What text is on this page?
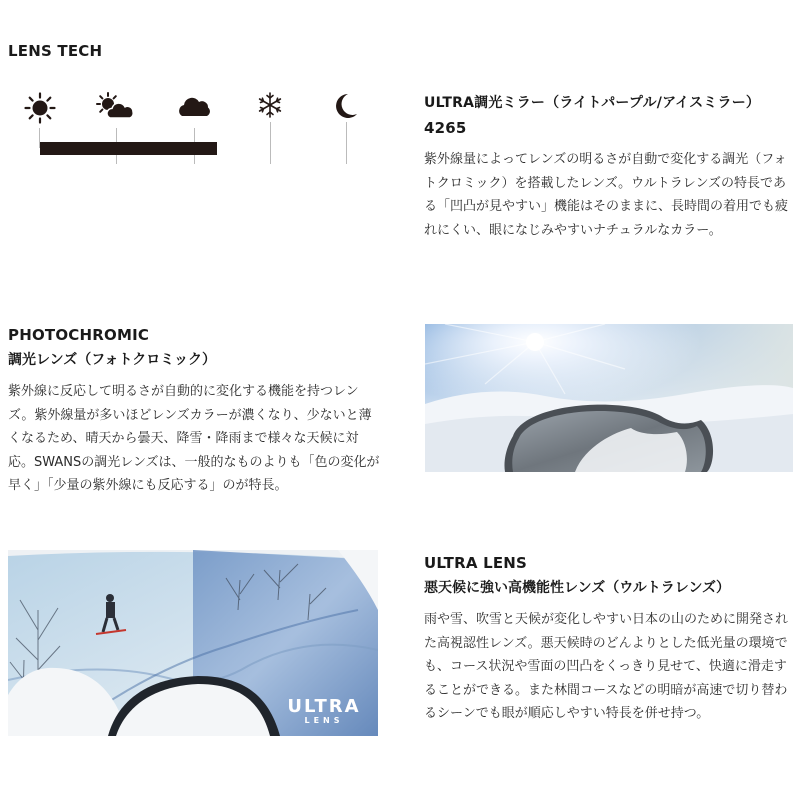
LENS TECH
ULTRA調光ミラー（ライトパープル/アイスミラー）
4265
紫外線量によってレンズの明るさが自動で変化する調光（フォトクロミック）を搭載したレンズ。ウルトラレンズの特長である「凹凸が見やすい」機能はそのままに、長時間の着用でも疲れにくい、眼になじみやすいナチュラルなカラー。
PHOTOCHROMIC
調光レンズ（フォトクロミック）
紫外線に反応して明るさが自動的に変化する機能を持つレンズ。紫外線量が多いほどレンズカラーが濃くなり、少ないと薄くなるため、晴天から曇天、降雪・降雨まで様々な天候に対応。SWANSの調光レンズは、一般的なものよりも「色の変化が早く」「少量の紫外線にも反応する」のが特長。
ULTRA
LENS
ULTRA LENS
悪天候に強い高機能性レンズ（ウルトラレンズ）
雨や雪、吹雪と天候が変化しやすい日本の山のために開発された高視認性レンズ。悪天候時のどんよりとした低光量の環境でも、コース状況や雪面の凹凸をくっきり見せて、快適に滑走することができる。また林間コースなどの明暗が高速で切り替わるシーンでも眼が順応しやすい特長を併せ持つ。
